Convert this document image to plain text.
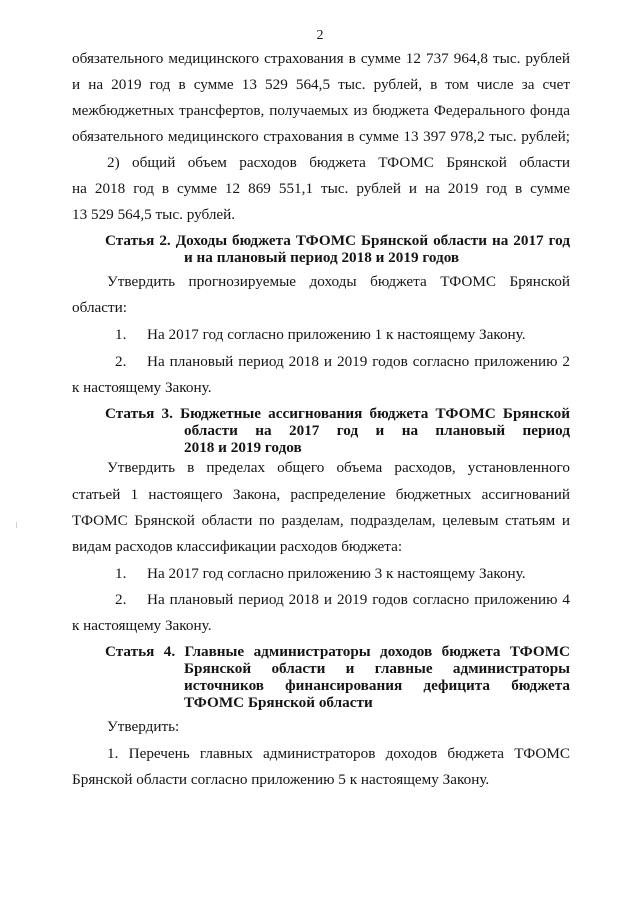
2
обязательного медицинского страхования в сумме 12 737 964,8 тыс. рублей
и на 2019 год в сумме 13 529 564,5 тыс. рублей, в том числе за счет
межбюджетных трансфертов, получаемых из бюджета Федерального фонда
обязательного медицинского страхования в сумме 13 397 978,2 тыс. рублей;
2) общий объем расходов бюджета ТФОМС Брянской области
на 2018 год в сумме 12 869 551,1 тыс. рублей и на 2019 год в сумме
13 529 564,5 тыс. рублей.
Статья 2. Доходы бюджета ТФОМС Брянской области на 2017 год
и на плановый период 2018 и 2019 годов
Утвердить прогнозируемые доходы бюджета ТФОМС Брянской
области:
1. На 2017 год согласно приложению 1 к настоящему Закону.
2. На плановый период 2018 и 2019 годов согласно приложению 2
к настоящему Закону.
Статья 3. Бюджетные ассигнования бюджета ТФОМС Брянской
области на 2017 год и на плановый период
2018 и 2019 годов
Утвердить в пределах общего объема расходов, установленного
статьей 1 настоящего Закона, распределение бюджетных ассигнований
ТФОМС Брянской области по разделам, подразделам, целевым статьям и
видам расходов классификации расходов бюджета:
1. На 2017 год согласно приложению 3 к настоящему Закону.
2. На плановый период 2018 и 2019 годов согласно приложению 4
к настоящему Закону.
Статья 4. Главные администраторы доходов бюджета ТФОМС
Брянской области и главные администраторы
источников финансирования дефицита бюджета
ТФОМС Брянской области
Утвердить:
1. Перечень главных администраторов доходов бюджета ТФОМС
Брянской области согласно приложению 5 к настоящему Закону.
